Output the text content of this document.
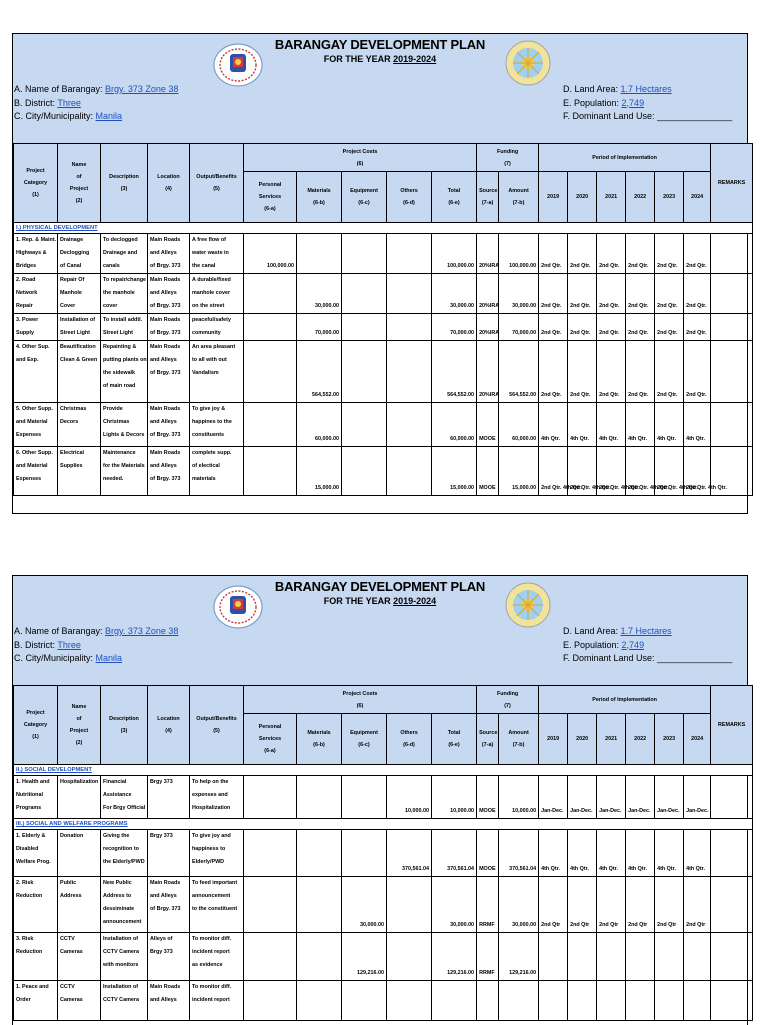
BARANGAY DEVELOPMENT PLAN
FOR THE YEAR 2019-2024
A. Name of Barangay: Brgy. 373 Zone 38
B. District: Three
C. City/Municipality: Manila
D. Land Area: 1.7 Hectares
E. Population: 2,749
F. Dominant Land Use: _______________
Project
Category
(1)	Name
of
Project
(2)	Description
(3)	Location
(4)	Output/Benefits
(5)	Project Costs
(6)					Funding
(7)		Period of Implementation						REMARKS

					Personal
Services
(6-a)	Materials
(6-b)	Equipment
(6-c)	Others
(6-d)	Total
(6-e)	Source
(7-a)	Amount
(7-b)	2019	2020	2021	2022	2023	2024	
I.) PHYSICAL DEVELOPMENT																		

1. Rep. & Maint.
Highways &
Bridges	Drainage
Declogging
of Canal	To declogged
Drainage and
canals	Main Roads
and Alleys
of Brgy. 373	A free flow of
water waste in
the canal	100,000.00				100,000.00	20%IRA	100,000.00	2nd Qtr.	2nd Qtr.	2nd Qtr.	2nd Qtr.	2nd Qtr.	2nd Qtr.	

2. Road
Network
Repair	Repair Of
Manhole
Cover	To repair/change
the manhole
cover	Main Roads
and Alleys
of Brgy. 373	A durable/fixed
manhole cover
on the street		30,000.00			30,000.00	20%IRA	30,000.00	2nd Qtr.	2nd Qtr.	2nd Qtr.	2nd Qtr.	2nd Qtr.	2nd Qtr.	

3. Power
Supply	Installation of
Street Light	To install addtl.
Street Light	Main Roads
of Brgy. 373	peaceful/safety
community		70,000.00			70,000.00	20%IRA	70,000.00	2nd Qtr.	2nd Qtr.	2nd Qtr.	2nd Qtr.	2nd Qtr.	2nd Qtr.	

4. Other Sup.
and Exp.	Beautification
Clean & Green	Repainting &
putting plants on
the sidewalk
of main road	Main Roads
and Alleys
of Brgy. 373	An area pleasant
to all with out
Vandalism		564,552.00			564,552.00	20%IRA	564,552.00	2nd Qtr.	2nd Qtr.	2nd Qtr.	2nd Qtr.	2nd Qtr.	2nd Qtr.	

5. Other Supp.
and Material
Expenses	Christmas
Decors	Provide
Christmas
Lights & Decors	Main Roads
and Alleys
of Brgy. 373	To give joy &
happines to the
constituents		60,000.00			60,000.00	MOOE	60,000.00	4th Qtr.	4th Qtr.	4th Qtr.	4th Qtr.	4th Qtr.	4th Qtr.	

6. Other Supp.
and Material
Expenses	Electrical
Supplies	Maintenance
for the Materials
needed.	Main Roads
and Alleys
of Brgy. 373	complete supp.
of electical
materials		15,000.00			15,000.00	MOOE	15,000.00	2nd Qtr. 4th Qtr.	2nd Qtr. 4th Qtr.	2nd Qtr. 4th Qtr.	2nd Qtr. 4th Qtr.	2nd Qtr. 4th Qtr.	2nd Qtr. 4th Qtr.	
BARANGAY DEVELOPMENT PLAN
FOR THE YEAR 2019-2024
A. Name of Barangay: Brgy. 373 Zone 38
B. District: Three
C. City/Municipality: Manila
D. Land Area: 1.7 Hectares
E. Population: 2,749
F. Dominant Land Use: _______________
Project
Category
(1)	Name
of
Project
(2)	Description
(3)	Location
(4)	Output/Benefits
(5)	Project Costs
(6)					Funding
(7)		Period of Implementation						REMARKS

					Personal
Services
(6-a)	Materials
(6-b)	Equipment
(6-c)	Others
(6-d)	Total
(6-e)	Source
(7-a)	Amount
(7-b)	2019	2020	2021	2022	2023	2024	
II.) SOCIAL DEVELOPMENT																		

1. Health and
Nutritional
Programs	Hospitalization	Financial
Assistance
For Brgy Official	Brgy 373	To help on the
expenses and
Hospitalization				10,000.00	10,000.00	MOOE	10,000.00	Jan-Dec.	Jan-Dec.	Jan-Dec.	Jan-Dec.	Jan-Dec.	Jan-Dec.	
III.) SOCIAL AND WELFARE PROGRAMS																		

1. Elderly &
Disabled
Welfare Prog.	Donation	Giving the
recognition to
the Elderly/PWD	Brgy 373	To give joy and
happiness to
Elderly/PWD				370,561.04	370,561.04	MOOE	370,561.04	4th Qtr.	4th Qtr.	4th Qtr.	4th Qtr.	4th Qtr.	4th Qtr.	

2. Risk
Reduction	Public
Address	New Public
Address to
dessiminate
announcement	Main Roads
and Alleys
of Brgy. 373	To feed important
announcement
to the constituent			30,000.00		30,000.00	RRMF	30,000.00	2nd Qtr	2nd Qtr	2nd Qtr	2nd Qtr	2nd Qtr	2nd Qtr	

3. Risk
Reduction	CCTV
Cameras	Installation of
CCTV Camera
with monitors	Alleys of
Brgy 373	To monitor diff.
incident report
as evidence			129,216.00		129,216.00	RRMF	129,216.00							

1. Peace and
Order	CCTV
Cameras	Installation of
CCTV Camera	Main Roads
and Alleys	To monitor diff.
incident report														
